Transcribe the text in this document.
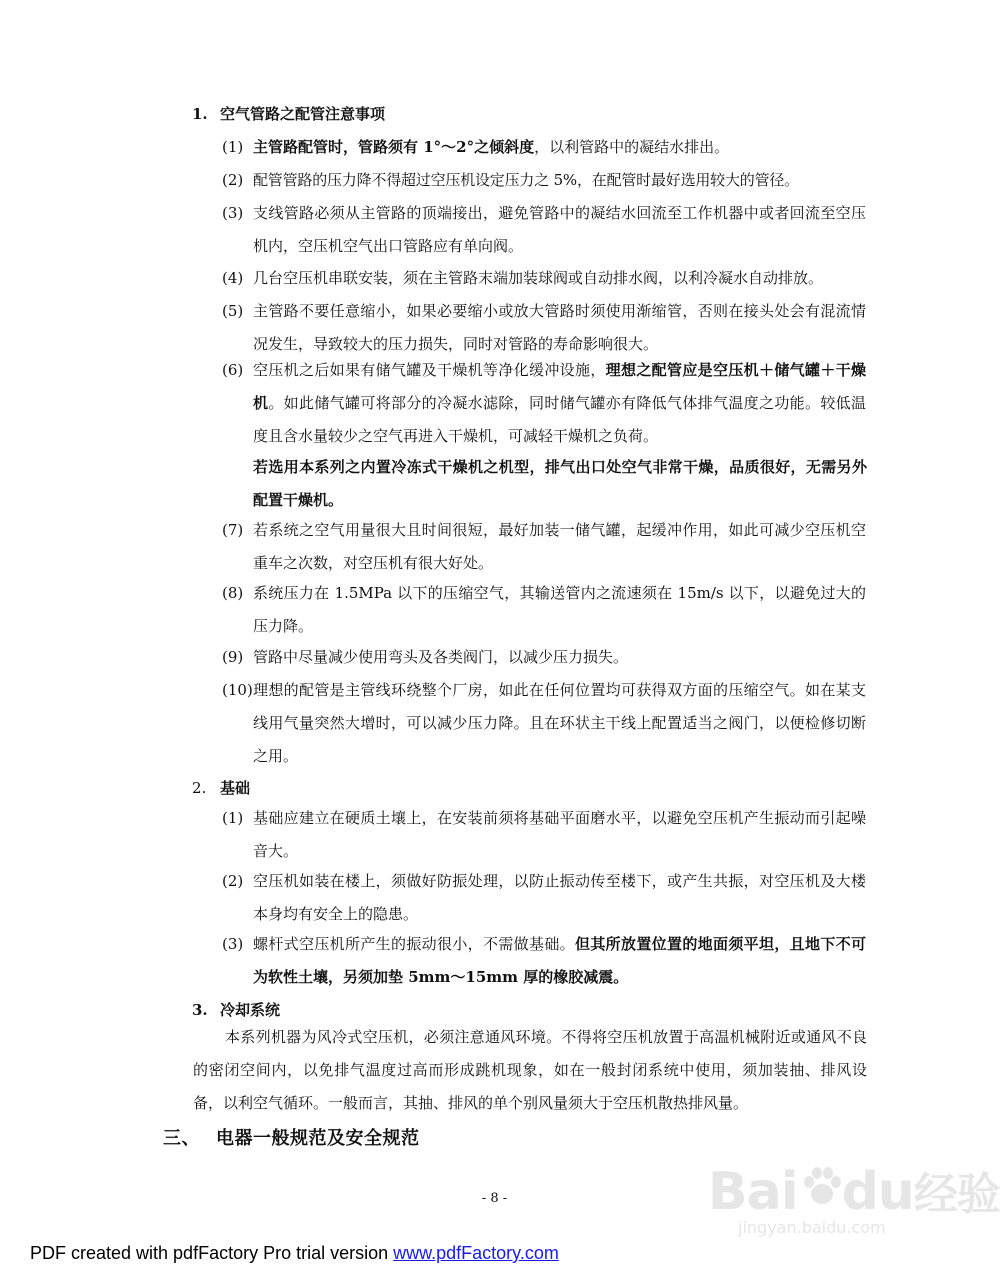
1. 空气管路之配管注意事项
(1) 主管路配管时，管路须有 1°～2°之倾斜度，以利管路中的凝结水排出。
(2) 配管管路的压力降不得超过空压机设定压力之 5%，在配管时最好选用较大的管径。
(3) 支线管路必须从主管路的顶端接出，避免管路中的凝结水回流至工作机器中或者回流至空压机内，空压机空气出口管路应有单向阀。
(4) 几台空压机串联安装，须在主管路末端加装球阀或自动排水阀，以利冷凝水自动排放。
(5) 主管路不要任意缩小，如果必要缩小或放大管路时须使用渐缩管，否则在接头处会有混流情况发生，导致较大的压力损失，同时对管路的寿命影响很大。
(6) 空压机之后如果有储气罐及干燥机等净化缓冲设施，理想之配管应是空压机＋储气罐＋干燥机。如此储气罐可将部分的冷凝水滤除，同时储气罐亦有降低气体排气温度之功能。较低温度且含水量较少之空气再进入干燥机，可减轻干燥机之负荷。
若选用本系列之内置冷冻式干燥机之机型，排气出口处空气非常干燥，品质很好，无需另外配置干燥机。
(7) 若系统之空气用量很大且时间很短，最好加装一储气罐，起缓冲作用，如此可减少空压机空重车之次数，对空压机有很大好处。
(8) 系统压力在 1.5MPa 以下的压缩空气，其输送管内之流速须在 15m/s 以下，以避免过大的压力降。
(9) 管路中尽量减少使用弯头及各类阀门，以减少压力损失。
(10) 理想的配管是主管线环绕整个厂房，如此在任何位置均可获得双方面的压缩空气。如在某支线用气量突然大增时，可以减少压力降。且在环状主干线上配置适当之阀门，以便检修切断之用。
2. 基础
(1) 基础应建立在硬质土壤上，在安装前须将基础平面磨水平，以避免空压机产生振动而引起噪音大。
(2) 空压机如装在楼上，须做好防振处理，以防止振动传至楼下，或产生共振，对空压机及大楼本身均有安全上的隐患。
(3) 螺杆式空压机所产生的振动很小，不需做基础。但其所放置位置的地面须平坦，且地下不可为软性土壤，另须加垫 5mm～15mm 厚的橡胶减震。
3. 冷却系统
本系列机器为风冷式空压机，必须注意通风环境。不得将空压机放置于高温机械附近或通风不良的密闭空间内，以免排气温度过高而形成跳机现象，如在一般封闭系统中使用，须加装抽、排风设备，以利空气循环。一般而言，其抽、排风的单个别风量须大于空压机散热排风量。
三、 电器一般规范及安全规范
Bai du经验
jingyan.baidu.com
- 8 -
PDF created with pdfFactory Pro trial version www.pdfFactory.com
